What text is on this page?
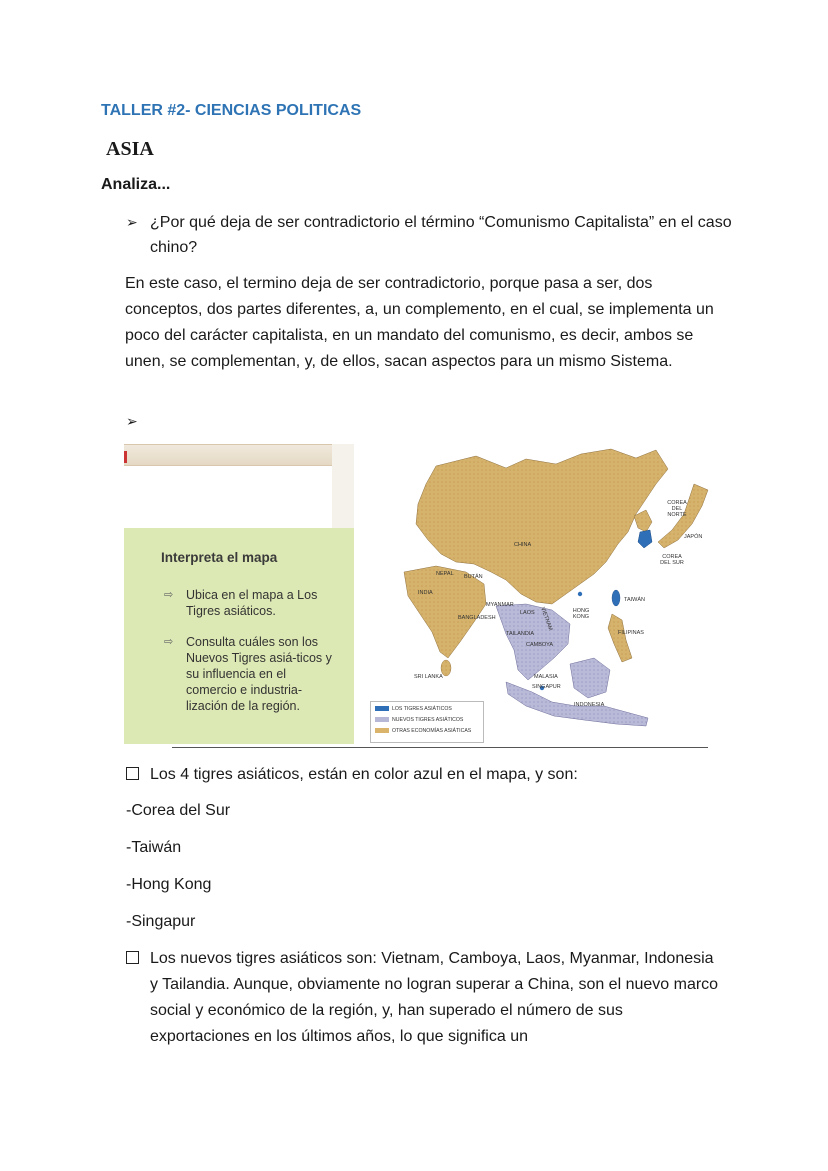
TALLER #2- CIENCIAS POLITICAS
ASIA
Analiza...
➢ ¿Por qué deja de ser contradictorio el término “Comunismo Capitalista” en el caso chino?
En este caso, el termino deja de ser contradictorio, porque pasa a ser, dos conceptos, dos partes diferentes, a, un complemento, en el cual, se implementa un poco del carácter capitalista, en un mandato del comunismo, es decir, ambos se unen, se complementan, y, de ellos, sacan aspectos para un mismo Sistema.
➢
Interpreta el mapa
⇨ Ubica en el mapa a Los Tigres asiáticos.
⇨ Consulta cuáles son los Nuevos Tigres asiá-ticos y su influencia en el comercio e industria-lización de la región.
CHINA
COREA DEL NORTE
JAPÓN
COREA DEL SUR
NEPAL BUTÁN
INDIA
TAIWÁN
MYANMAR
BANGLADESH
LAOS	HONG KONG
TAILANDIA
VIETNAM
FILIPINAS
CAMBOYA
SRI LANKA	MALASIA
SINGAPUR
INDONESIA
LOS TIGRES ASIÁTICOS
NUEVOS TIGRES ASIÁTICOS
OTRAS ECONOMÍAS ASIÁTICAS
Los 4 tigres asiáticos, están en color azul en el mapa, y son:
-Corea del Sur
-Taiwán
-Hong Kong
-Singapur
Los nuevos tigres asiáticos son: Vietnam, Camboya, Laos, Myanmar, Indonesia y Tailandia. Aunque, obviamente no logran superar a China, son el nuevo marco social y económico de la región, y, han superado el número de sus exportaciones en los últimos años, lo que significa un
